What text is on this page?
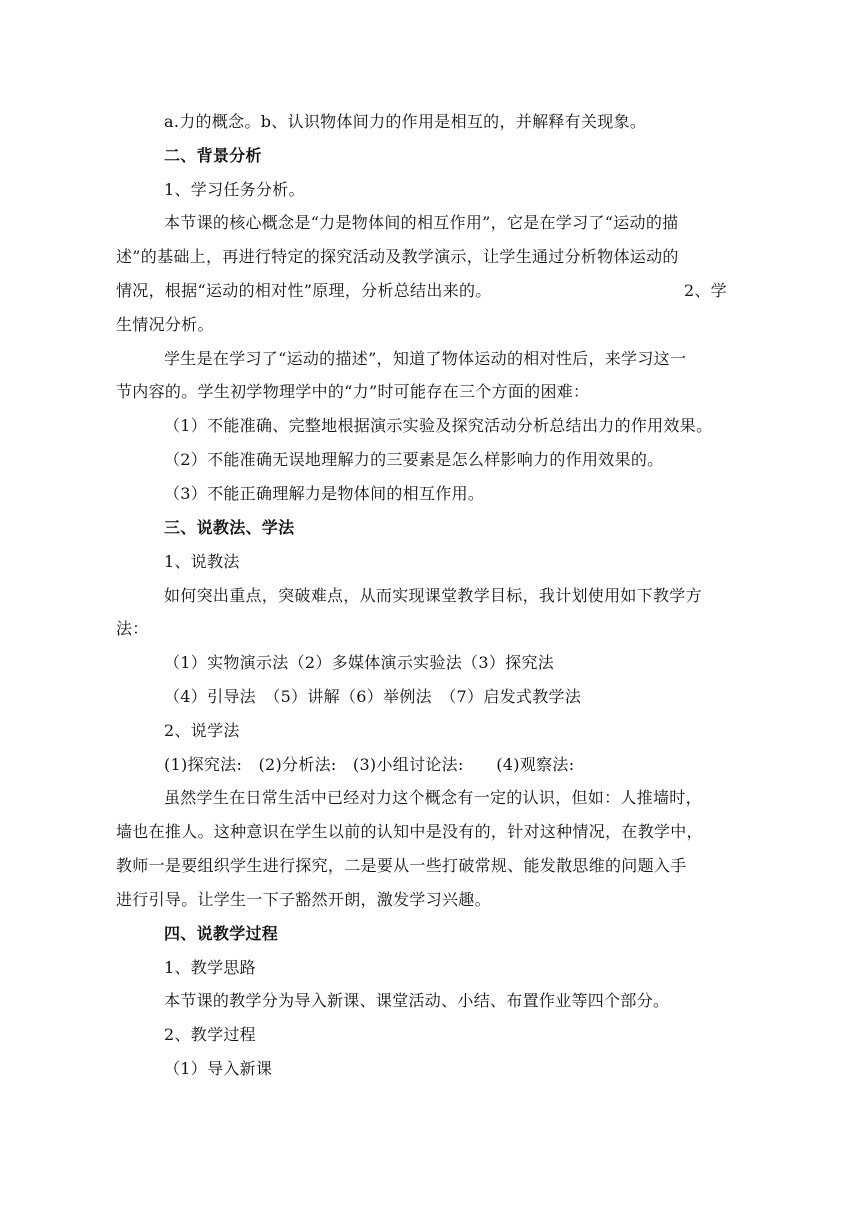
a.力的概念。b、认识物体间力的作用是相互的，并解释有关现象。
二、背景分析
1、学习任务分析。
本节课的核心概念是“力是物体间的相互作用”，它是在学习了“运动的描
述”的基础上，再进行特定的探究活动及教学演示，让学生通过分析物体运动的
情况，根据“运动的相对性”原理，分析总结出来的。	2、学
生情况分析。
学生是在学习了“运动的描述”，知道了物体运动的相对性后，来学习这一
节内容的。学生初学物理学中的“力”时可能存在三个方面的困难：
（1）不能准确、完整地根据演示实验及探究活动分析总结出力的作用效果。
（2）不能准确无误地理解力的三要素是怎么样影响力的作用效果的。
（3）不能正确理解力是物体间的相互作用。
三、说教法、学法
1、说教法
如何突出重点，突破难点，从而实现课堂教学目标，我计划使用如下教学方
法：
（1）实物演示法（2）多媒体演示实验法（3）探究法
（4）引导法　（5）讲解（6）举例法　（7）启发式教学法
2、说学法
(1)探究法:　(2)分析法:　(3)小组讨论法:　　(4)观察法:
虽然学生在日常生活中已经对力这个概念有一定的认识，但如：人推墙时，
墙也在推人。这种意识在学生以前的认知中是没有的，针对这种情况，在教学中，
教师一是要组织学生进行探究，二是要从一些打破常规、能发散思维的问题入手
进行引导。让学生一下子豁然开朗，激发学习兴趣。
四、说教学过程
1、教学思路
本节课的教学分为导入新课、课堂活动、小结、布置作业等四个部分。
2、教学过程
（1）导入新课
